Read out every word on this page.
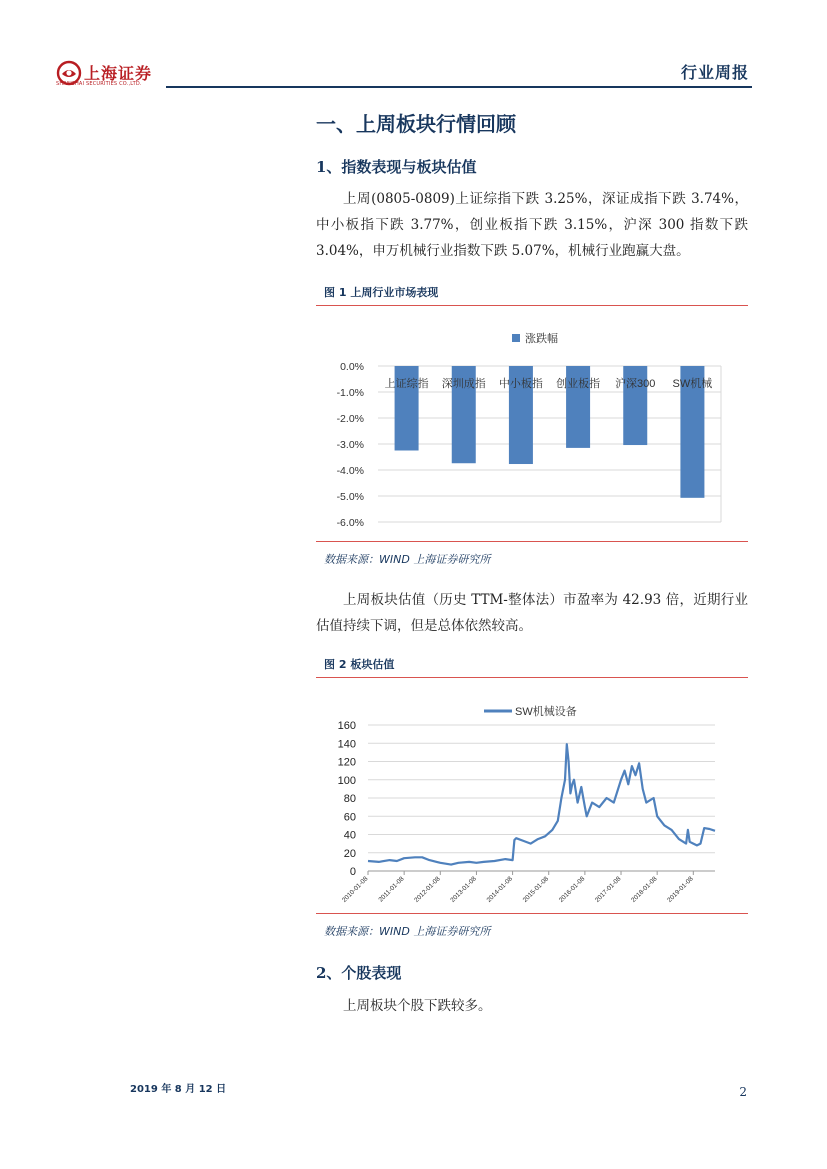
上海证券
SHANGHAI SECURITIES CO.,LTD.
行业周报
一、上周板块行情回顾
1、指数表现与板块估值
上周(0805-0809)上证综指下跌 3.25%，深证成指下跌 3.74%，中小板指下跌 3.77%，创业板指下跌 3.15%，沪深 300 指数下跌 3.04%，申万机械行业指数下跌 5.07%，机械行业跑赢大盘。
图 1 上周行业市场表现
涨跌幅
0.0%
-1.0%
-2.0%
-3.0%
-4.0%
-5.0%
-6.0%
上证综指 深圳成指 中小板指 创业板指 沪深300 SW机械
数据来源：WIND 上海证券研究所
上周板块估值（历史 TTM-整体法）市盈率为 42.93 倍，近期行业估值持续下调，但是总体依然较高。
图 2 板块估值
SW机械设备
160
140
120
100
80
60
40
20
0
2010-01-08 2011-01-08 2012-01-08 2013-01-08 2014-01-08 2015-01-08 2016-01-08 2017-01-08 2018-01-08 2019-01-08
数据来源：WIND 上海证券研究所
2、个股表现
上周板块个股下跌较多。
2019 年 8 月 12 日	2
